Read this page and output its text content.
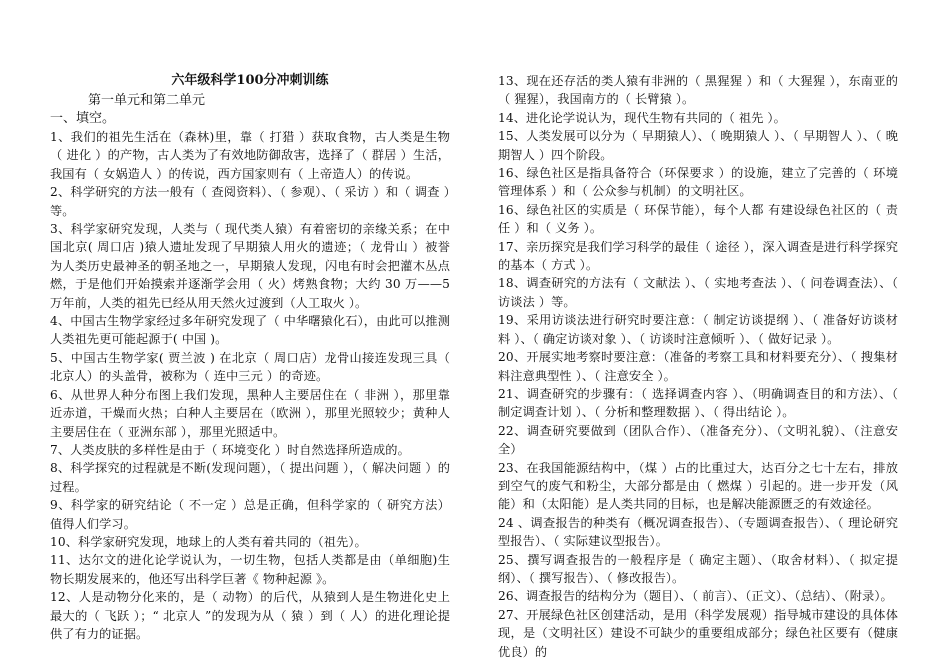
六年级科学100分冲刺训练

第一单元和第二单元

一、填空。

1、我们的祖先生活在（森林)里，靠（ 打猎 ）获取食物，古人类是生物（ 进化 ）的产物，古人类为了有效地防御敌害，选择了（ 群居 ）生活，我国有（ 女娲造人 ）的传说，西方国家则有（ 上帝造人）的传说。

2、科学研究的方法一般有（ 查阅资料）、（ 参观）、（ 采访 ）和（ 调查 ）等。

3、科学家研究发现，人类与（ 现代类人猿）有着密切的亲缘关系；在中国北京( 周口店 )猿人遗址发现了早期猿人用火的遗迹；（ 龙骨山 ）被誉 为人类历史最神圣的朝圣地之一，早期猿人发现，闪电有时会把灌木丛点燃，于是他们开始摸索并逐渐学会用（ 火）烤熟食物；大约 30 万——5 万年前，人类的祖先已经从用天然火过渡到（人工取火 ）。

4、中国古生物学家经过多年研究发现了（ 中华曙猿化石），由此可以推测人类祖先更可能起源于( 中国 )。

5、中国古生物学家( 贾兰波 ) 在北京（ 周口店）龙骨山接连发现三具（ 北京人）的头盖骨，被称为（ 连中三元 ）的奇迹。

6、从世界人种分布图上我们发现，黑种人主要居住在（ 非洲 ），那里靠近赤道，干燥而火热；白种人主要居在（欧洲 ），那里光照较少；黄种人主要居住在（ 亚洲东部 ），那里光照适中。

7、人类皮肤的多样性是由于（ 环境变化 ）时自然选择所造成的。

8、科学探究的过程就是不断(发现问题），（ 提出问题 ），（ 解决问题 ）的过程。

9、科学家的研究结论（ 不一定 ）总是正确，但科学家的（ 研究方法）值得人们学习。

10、科学家研究发现，地球上的人类有着共同的（祖先）。

11、达尔文的进化论学说认为，一切生物，包括人类都是由（单细胞)生物长期发展来的，他还写出科学巨著《 物种起源 》。

12、人是动物分化来的，是（ 动物）的后代，从猿到人是生物进化史上最大的（ 飞跃 ）；“ 北京人 ”的发现为从（ 猿 ）到（ 人）的进化理论提供了有力的证据。

13、现在还存活的类人猿有非洲的（ 黑猩猩 ）和（ 大猩猩 ），东南亚的（ 猩猩），我国南方的（ 长臂猿 ）。

14、进化论学说认为，现代生物有共同的（ 祖先 ）。

15、人类发展可以分为（ 早期猿人）、（ 晚期猿人 ）、（ 早期智人 ）、（ 晚期智人 ）四个阶段。

16、绿色社区是指具备符合（环保要求 ）的设施，建立了完善的（ 环境管理体系 ）和（ 公众参与机制）的文明社区。

16、绿色社区的实质是（ 环保节能），每个人都 有建设绿色社区的（ 责任 ）和（ 义务 ）。

17、亲历探究是我们学习科学的最佳（ 途径 ），深入调查是进行科学探究的基本（ 方式 ）。

18、调查研究的方法有（ 文献法 ）、（ 实地考查法 ）、（ 问卷调查法）、（ 访谈法 ）等。

19、采用访谈法进行研究时要注意：（ 制定访谈提纲 ）、（ 准备好访谈材料 ）、（ 确定访谈对象 ）、（ 访谈时注意倾听 ）、（ 做好记录 ）。

20、开展实地考察时要注意：（准备的考察工具和材料要充分）、（ 搜集材料注意典型性 ）、（ 注意安全 ）。

21、调查研究的步骤有：（ 选择调查内容 ）、（明确调查目的和方法）、（ 制定调查计划 ）、（ 分析和整理数据 ）、（ 得出结论 ）。

22、调查研究要做到（团队合作）、（准备充分）、（文明礼貌）、（注意安全）

23、在我国能源结构中，（煤 ）占的比重过大，达百分之七十左右，排放到空气的废气和粉尘，大部分都是由（ 燃煤 ）引起的。进一步开发（风能）和（太阳能）是人类共同的目标，也是解决能源匮乏的有效途径。

24 、调查报告的种类有（概况调查报告）、（专题调查报告）、（ 理论研究型报告）、（ 实际建议型报告）。

25、撰写调查报告的一般程序是（ 确定主题）、（取舍材料）、（ 拟定提纲）、（ 撰写报告）、（ 修改报告）。

26、调查报告的结构分为（题目）、（ 前言）、（正文）、（总结）、（附录）。

27、开展绿色社区创建活动，是用（科学发展观）指导城市建设的具体体现，是（文明社区）建设不可缺少的重要组成部分；绿色社区要有（健康优良）的
